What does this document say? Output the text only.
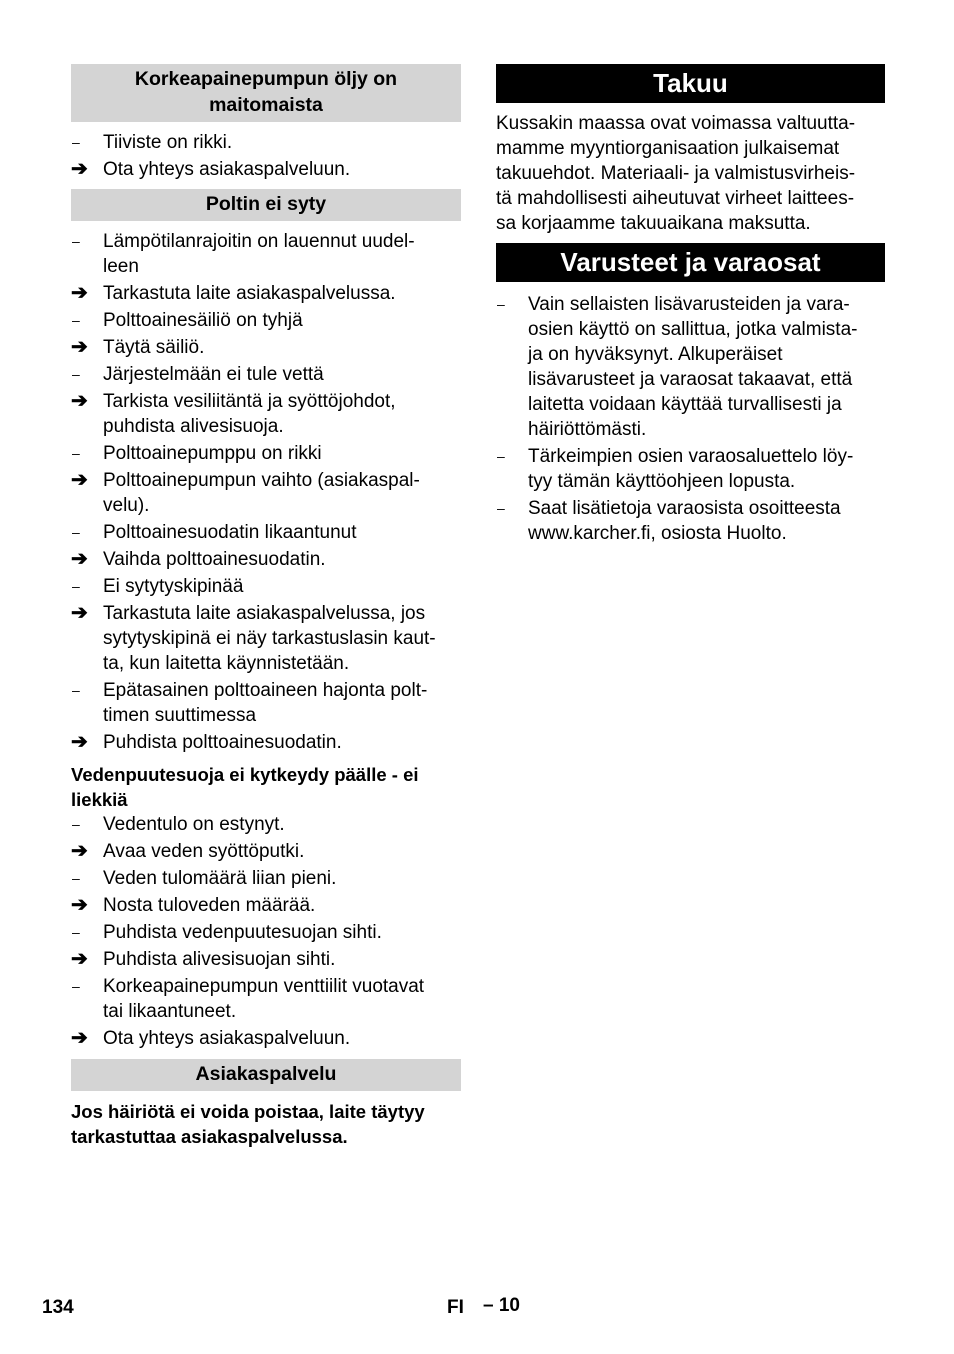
Korkeapainepumpun öljy on maitomaista
–	Tiiviste on rikki.
➔ Ota yhteys asiakaspalveluun.
Poltin ei syty
–	Lämpötilanrajoitin on lauennut uudel-
leen
➔ Tarkastuta laite asiakaspalvelussa.
–	Polttoainesäiliö on tyhjä
➔ Täytä säiliö.
–	Järjestelmään ei tule vettä
➔ Tarkista vesiliitäntä ja syöttöjohdot,
puhdista alivesisuoja.
–	Polttoainepumppu on rikki
➔ Polttoainepumpun vaihto (asiakaspal-
velu).
–	Polttoainesuodatin likaantunut
➔ Vaihda polttoainesuodatin.
–	Ei sytytyskipinää
➔ Tarkastuta laite asiakaspalvelussa, jos
sytytyskipinä ei näy tarkastuslasin kaut-
ta, kun laitetta käynnistetään.
–	Epätasainen polttoaineen hajonta polt-
timen suuttimessa
➔ Puhdista polttoainesuodatin.
Vedenpuutesuoja ei kytkeydy päälle - ei liekkiä
–	Vedentulo on estynyt.
➔ Avaa veden syöttöputki.
–	Veden tulomäärä liian pieni.
➔ Nosta tuloveden määrää.
–	Puhdista vedenpuutesuojan sihti.
➔ Puhdista alivesisuojan sihti.
–	Korkeapainepumpun venttiilit vuotavat
tai likaantuneet.
➔ Ota yhteys asiakaspalveluun.
Asiakaspalvelu

Jos häiriötä ei voida poistaa, laite täytyy
tarkastuttaa asiakaspalvelussa.

Takuu

Kussakin maassa ovat voimassa valtuutta-
mamme myyntiorganisaation julkaisemat
takuuehdot. Materiaali- ja valmistusvirheis-
tä mahdollisesti aiheutuvat virheet laittees-
sa korjaamme takuuaikana maksutta.

Varusteet ja varaosat
–	Vain sellaisten lisävarusteiden ja vara-
osien käyttö on sallittua, jotka valmista-
ja on hyväksynyt. Alkuperäiset
lisävarusteet ja varaosat takaavat, että
laitetta voidaan käyttää turvallisesti ja
häiriöttömästi.
–	Tärkeimpien osien varaosaluettelo löy-
tyy tämän käyttöohjeen lopusta.
–	Saat lisätietoja varaosista osoitteesta
www.karcher.fi, osiosta Huolto.
134	FI – 10
